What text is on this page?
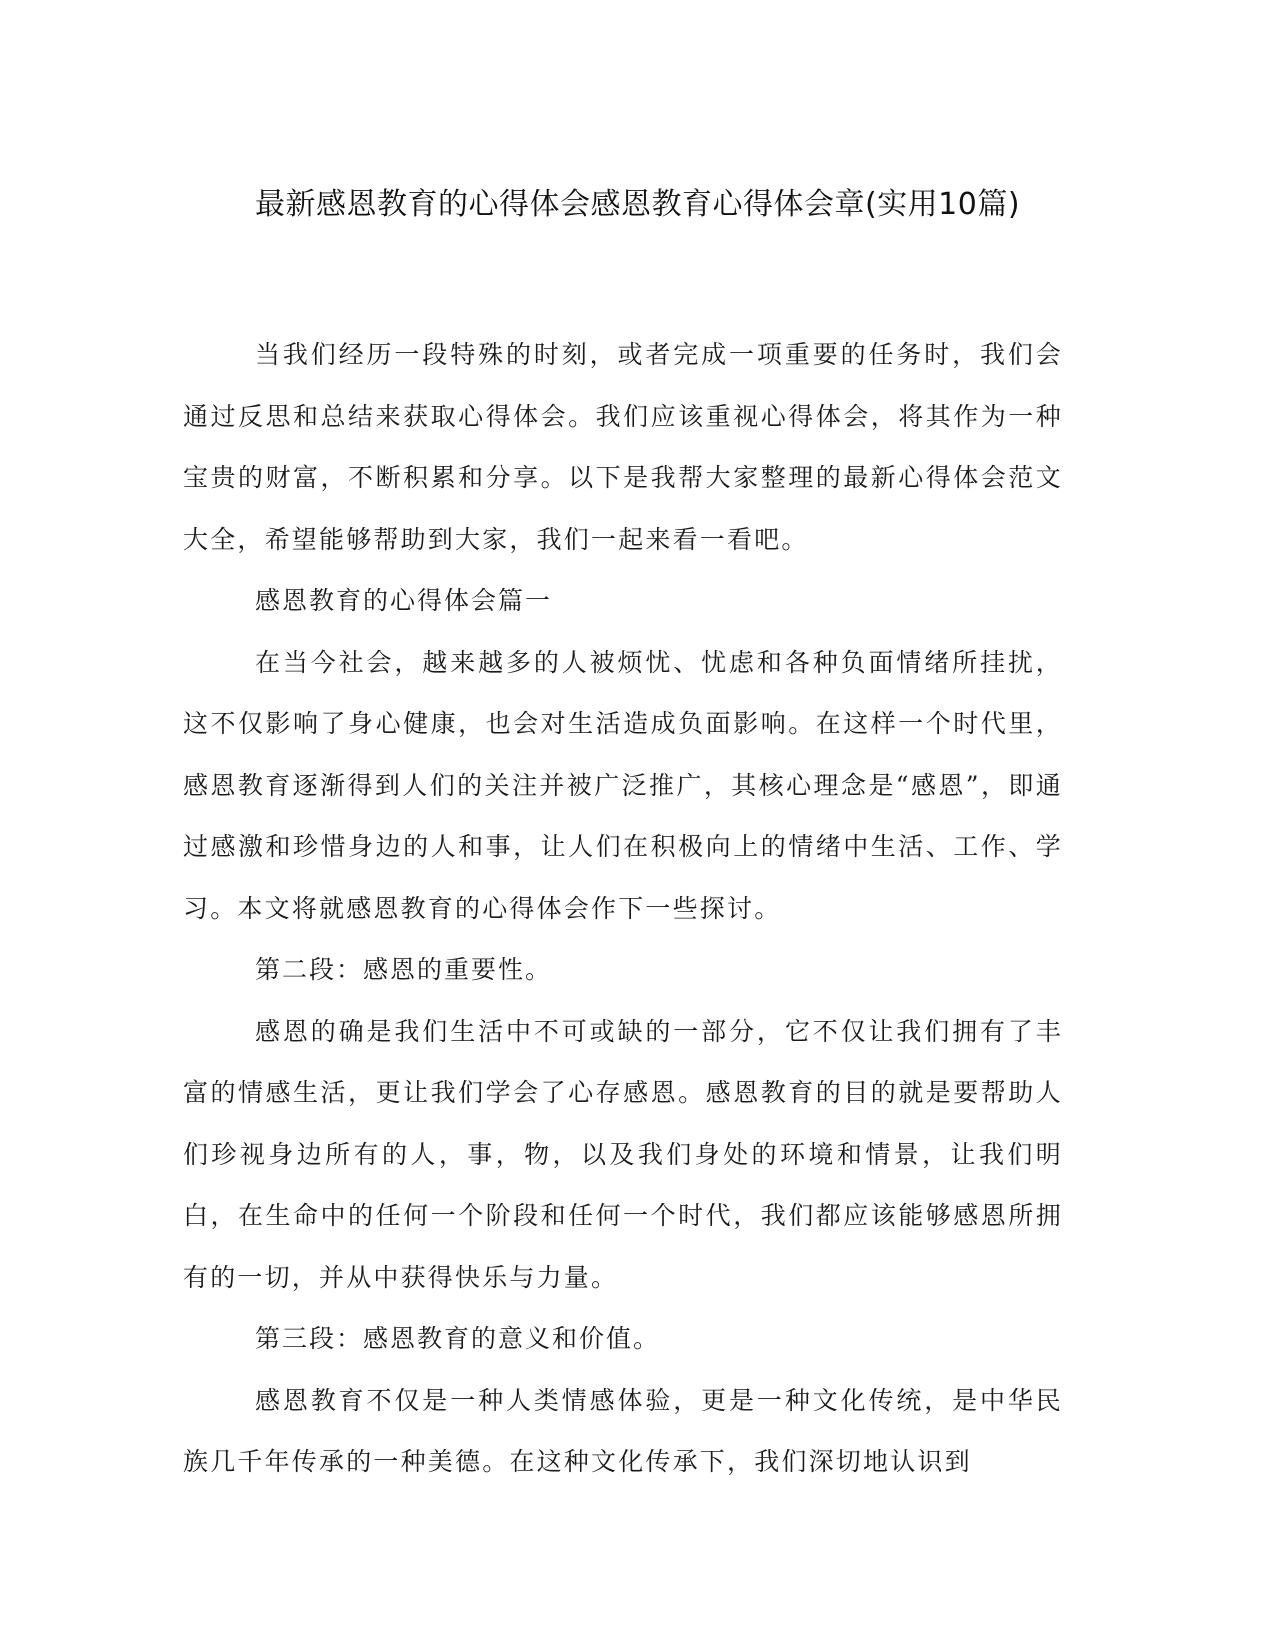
最新感恩教育的心得体会感恩教育心得体会章(实用10篇)

当我们经历一段特殊的时刻，或者完成一项重要的任务时，我们会通过反思和总结来获取心得体会。我们应该重视心得体会，将其作为一种宝贵的财富，不断积累和分享。以下是我帮大家整理的最新心得体会范文大全，希望能够帮助到大家，我们一起来看一看吧。

感恩教育的心得体会篇一

在当今社会，越来越多的人被烦忧、忧虑和各种负面情绪所挂扰，这不仅影响了身心健康，也会对生活造成负面影响。在这样一个时代里，感恩教育逐渐得到人们的关注并被广泛推广，其核心理念是“感恩”，即通过感激和珍惜身边的人和事，让人们在积极向上的情绪中生活、工作、学习。本文将就感恩教育的心得体会作下一些探讨。

第二段：感恩的重要性。

感恩的确是我们生活中不可或缺的一部分，它不仅让我们拥有了丰富的情感生活，更让我们学会了心存感恩。感恩教育的目的就是要帮助人们珍视身边所有的人，事，物，以及我们身处的环境和情景，让我们明白，在生命中的任何一个阶段和任何一个时代，我们都应该能够感恩所拥有的一切，并从中获得快乐与力量。

第三段：感恩教育的意义和价值。

感恩教育不仅是一种人类情感体验，更是一种文化传统，是中华民族几千年传承的一种美德。在这种文化传承下，我们深切地认识到
